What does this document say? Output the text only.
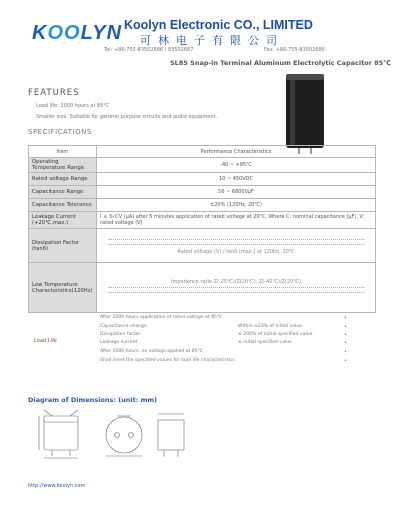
KOOLYN Koolyn Electronic CO., LIMITED
可林电子有限公司
Tel: +86-755-83502686 / 83502687	Fax: +86-755-83502686
SL85 Snap-in Terminal Aluminum Electrolytic Capacitor 85℃
FEATURES
Load life: 2000 hours at 85℃
Smaller size. Suitable for general purpose circuits and audio equipment.
SPECIFICATIONS
Item	Performance Characteristics
Operating Temperature Range	-40 ~ +85℃
Rated voltage Range	10 ~ 450VDC
Capacitance Range	56 ~ 68000μF
Capacitance Tolerance	±20% (120Hz, 20℃)
Leakage Current (+20℃,max.)	I ≤ 3√CV (μA) after 5 minutes application of rated voltage at 20℃. Where C: nominal capacitance (μF), V: rated voltage (V)
Dissipation Factor (tanδ)	Rated voltage (V) / tanδ (max.) at 120Hz, 20℃

Low Temperature Characteristics(120Hz)	Impedance ratio Z(-25℃)/Z(20℃), Z(-40℃)/Z(20℃)
Load Life
After 2000 hours application of rated voltage at 85℃
Capacitance change	Within ±20% of initial value
Dissipation factor	≤ 200% of initial specified value
Leakage current	≤ initial specified value
After 1000 hours, no voltage applied at 85℃
Shall meet the specified values for load life characteristics.
•
•
•
•
•
•
Diagram of Dimensions: (unit: mm)
http://www.koolyn.com
